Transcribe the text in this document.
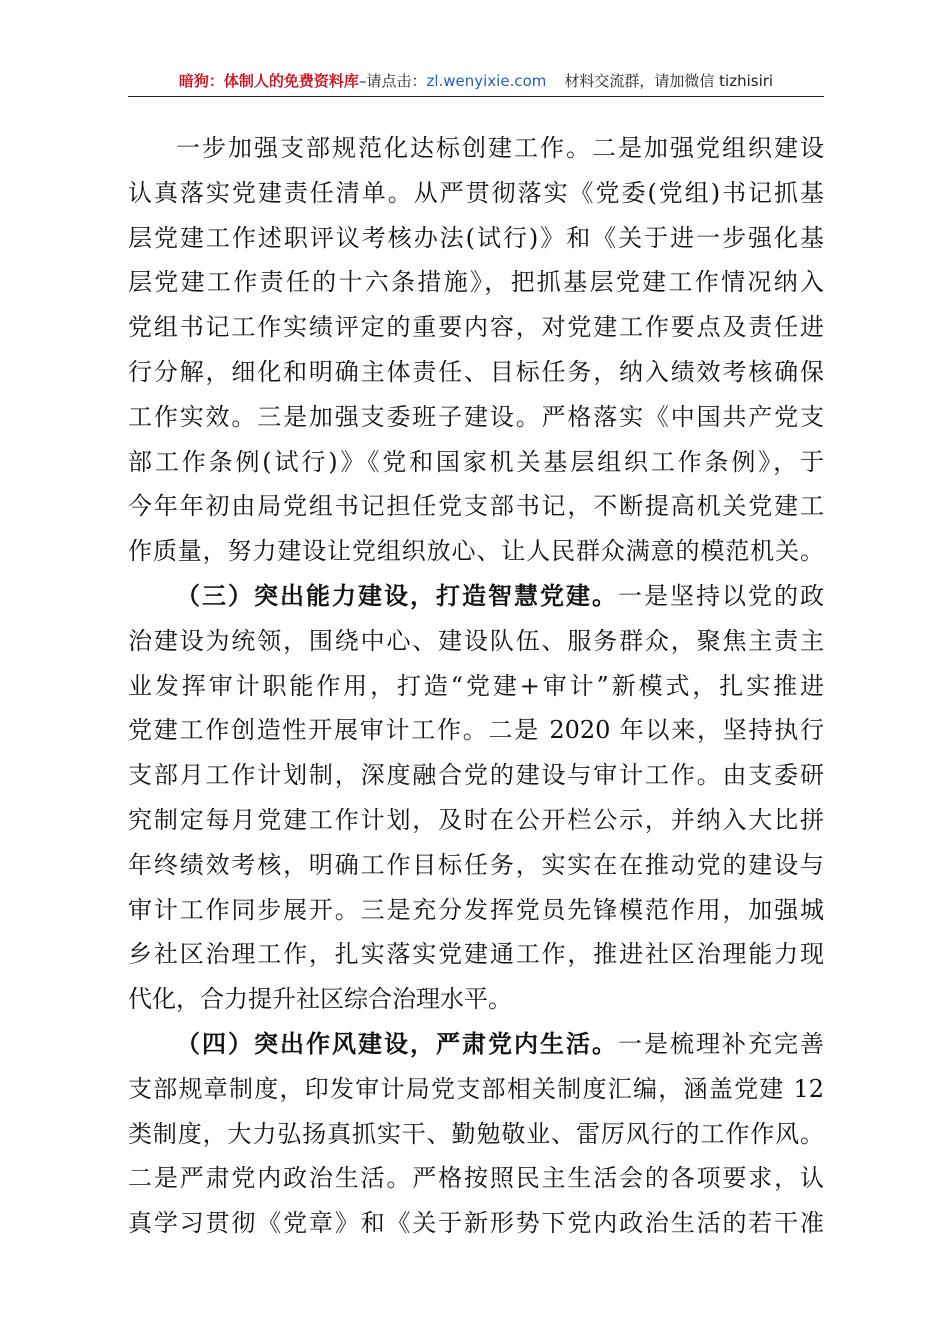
暗狗：体制人的免费资料库–请点击：zl.wenyixie.com 材料交流群，请加微信 tizhisiri
一步加强支部规范化达标创建工作。二是加强党组织建设
认真落实党建责任清单。从严贯彻落实《党委(党组)书记抓基
层党建工作述职评议考核办法(试行)》和《关于进一步强化基
层党建工作责任的十六条措施》，把抓基层党建工作情况纳入
党组书记工作实绩评定的重要内容，对党建工作要点及责任进
行分解，细化和明确主体责任、目标任务，纳入绩效考核确保
工作实效。三是加强支委班子建设。严格落实《中国共产党支
部工作条例(试行)》《党和国家机关基层组织工作条例》，于
今年年初由局党组书记担任党支部书记，不断提高机关党建工
作质量，努力建设让党组织放心、让人民群众满意的模范机关。
（三）突出能力建设，打造智慧党建。一是坚持以党的政
治建设为统领，围绕中心、建设队伍、服务群众，聚焦主责主
业发挥审计职能作用，打造“党建+审计”新模式，扎实推进
党建工作创造性开展审计工作。二是 2020 年以来，坚持执行
支部月工作计划制，深度融合党的建设与审计工作。由支委研
究制定每月党建工作计划，及时在公开栏公示，并纳入大比拼
年终绩效考核，明确工作目标任务，实实在在推动党的建设与
审计工作同步展开。三是充分发挥党员先锋模范作用，加强城
乡社区治理工作，扎实落实党建通工作，推进社区治理能力现
代化，合力提升社区综合治理水平。
（四）突出作风建设，严肃党内生活。一是梳理补充完善
支部规章制度，印发审计局党支部相关制度汇编，涵盖党建 12
类制度，大力弘扬真抓实干、勤勉敬业、雷厉风行的工作作风。
二是严肃党内政治生活。严格按照民主生活会的各项要求，认
真学习贯彻《党章》和《关于新形势下党内政治生活的若干准
